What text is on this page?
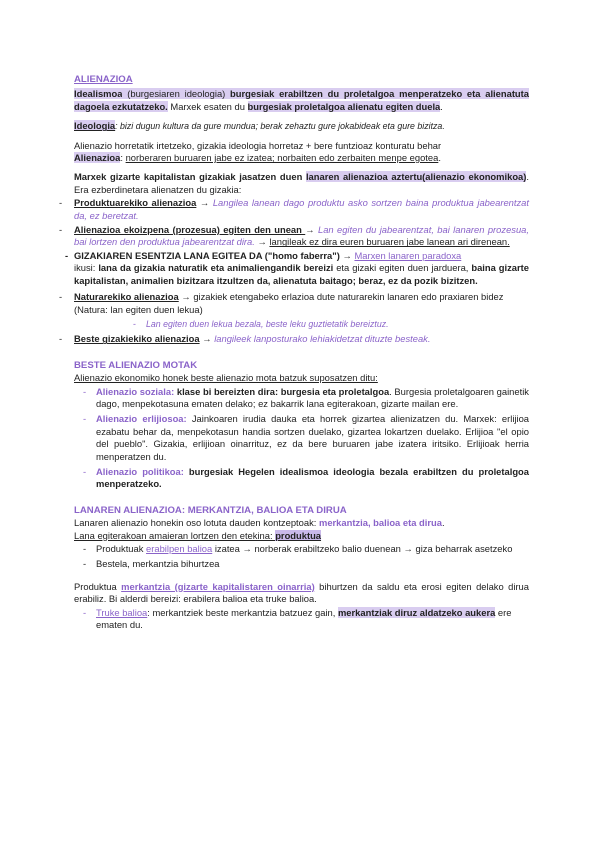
ALIENAZIOA

Idealismoa (burgesiaren ideologia) burgesiak erabiltzen du proletalgoa menperatzeko eta alienatuta dagoela ezkutatzeko. Marxek esaten du burgesiak proletalgoa alienatu egiten duela.

Ideologia: bizi dugun kultura da gure mundua; berak zehaztu gure jokabideak eta gure bizitza.

Alienazio horretatik irtetzeko, gizakia ideologia horretaz + bere funtzioaz konturatu behar
Alienazioa: norberaren buruaren jabe ez izatea; norbaiten edo zerbaiten menpe egotea.

Marxek gizarte kapitalistan gizakiak jasatzen duen lanaren alienazioa aztertu(alienazio ekonomikoa). Era ezberdinetara alienatzen du gizakia:

- Produktuarekiko alienazioa → Langilea lanean dago produktu asko sortzen baina produktua jabearentzat da, ez beretzat.
- Alienazioa ekoizpena (prozesua) egiten den unean → Lan egiten du jabearentzat, bai lanaren prozesua, bai lortzen den produktua jabearentzat dira. → langileak ez dira euren buruaren jabe lanean ari direnean.
- GIZAKIAREN ESENTZIA LANA EGITEA DA ("homo faberra") → Marxen lanaren paradoxa
ikusi: lana da gizakia naturatik eta animaliengandik bereizi eta gizaki egiten duen jarduera, baina gizarte kapitalistan, animalien bizitzara itzultzen da, alienatuta baitago; beraz, ez da pozik bizitzen.
- Naturarekiko alienazioa → gizakiek etengabeko erlazioa dute naturarekin lanaren edo praxiaren bidez (Natura: lan egiten duen lekua)
- Lan egiten duen lekua bezala, beste leku guztietatik bereiztuz.
- Beste gizakiekiko alienazioa → langileek lanposturako lehiakidetzat dituzte besteak.

BESTE ALIENAZIO MOTAK

Alienazio ekonomiko honek beste alienazio mota batzuk suposatzen ditu:

- Alienazio soziala: klase bi bereizten dira: burgesia eta proletalgoa. Burgesia proletalgoaren gainetik dago, menpekotasuna ematen delako; ez bakarrik lana egiterakoan, gizarte mailan ere.
- Alienazio erlijiosoa: Jainkoaren irudia dauka eta horrek gizartea alienizatzen du. Marxek: erlijioa ezabatu behar da, menpekotasun handia sortzen duelako, gizartea lokartzen duelako. Erlijioa "el opio del pueblo". Gizakia, erlijioan oinarrituz, ez da bere buruaren jabe izatera iritsiko. Erlijioak herria menperatzen du.
- Alienazio politikoa: burgesiak Hegelen idealismoa ideologia bezala erabiltzen du proletalgoa menperatzeko.

LANAREN ALIENAZIOA: MERKANTZIA, BALIOA ETA DIRUA

Lanaren alienazio honekin oso lotuta dauden kontzeptoak: merkantzia, balioa eta dirua.

Lana egiterakoan amaieran lortzen den etekina: produktua

- Produktuak erabilpen balioa izatea → norberak erabiltzeko balio duenean → giza beharrak asetzeko
- Bestela, merkantzia bihurtzea

Produktua merkantzia (gizarte kapitalistaren oinarria) bihurtzen da saldu eta erosi egiten delako dirua erabiliz. Bi alderdi bereizi: erabilera balioa eta truke balioa.

- Truke balioa: merkantziek beste merkantzia batzuez gain, merkantziak diruz aldatzeko aukera ere ematen du.
